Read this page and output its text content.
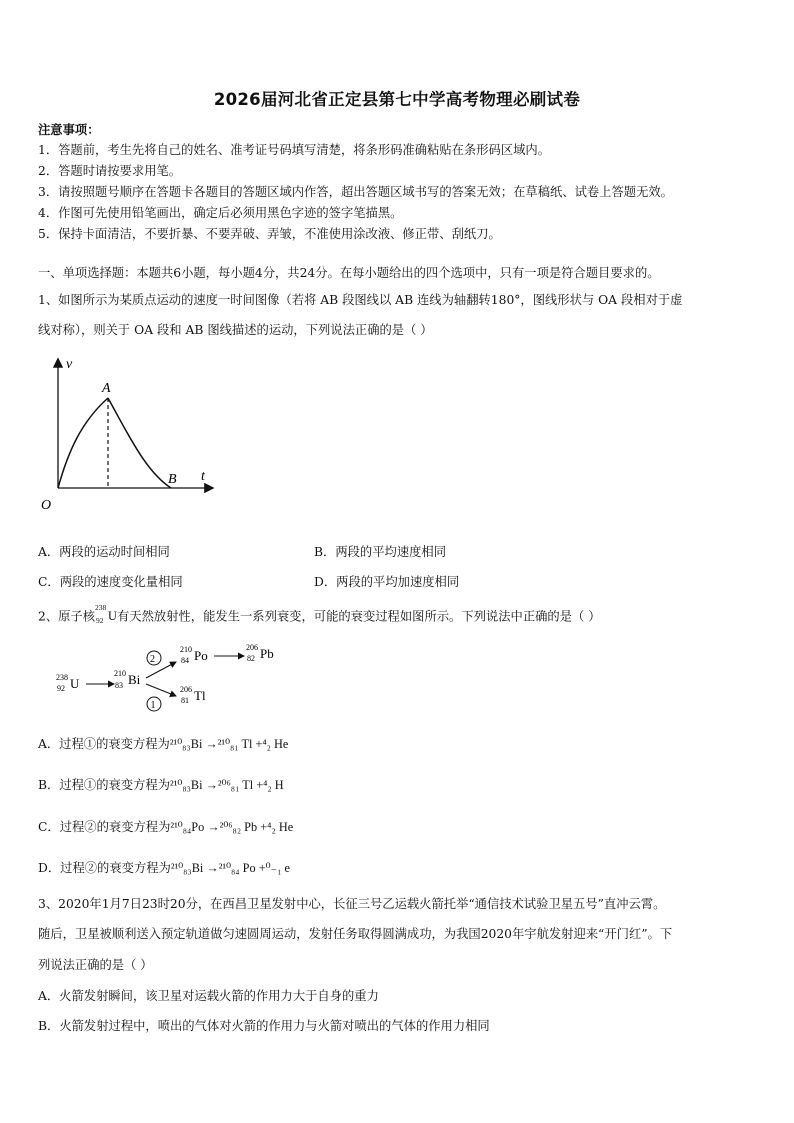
2026届河北省正定县第七中学高考物理必刷试卷
注意事项：
1．答题前，考生先将自己的姓名、准考证号码填写清楚，将条形码准确粘贴在条形码区域内。
2．答题时请按要求用笔。
3．请按照题号顺序在答题卡各题目的答题区域内作答，超出答题区域书写的答案无效；在草稿纸、试卷上答题无效。
4．作图可先使用铅笔画出，确定后必须用黑色字迹的签字笔描黑。
5．保持卡面清洁，不要折暴、不要弄破、弄皱，不准使用涂改液、修正带、刮纸刀。
一、单项选择题：本题共6小题，每小题4分，共24分。在每小题给出的四个选项中，只有一项是符合题目要求的。
1、如图所示为某质点运动的速度一时间图像（若将 AB 段图线以 AB 连线为轴翻转180°，图线形状与 OA 段相对于虚
线对称），则关于 OA 段和 AB 图线描述的运动，下列说法正确的是（ ）
v
t
O
A
B
A．两段的运动时间相同	B．两段的平均速度相同
C．两段的速度变化量相同	D．两段的平均加速度相同
2、原子核
238
92 U 有天然放射性，能发生一系列衰变，可能的衰变过程如图所示。下列说法中正确的是（ ）
238
92 U
210
83 Bi
2
1
210
84 Po
206
82 Pb
206
81 Tl
A．过程①的衰变方程为²¹⁰₈₃Bi →²¹⁰₈₁ Tl +⁴₂ He
B．过程①的衰变方程为²¹⁰₈₃Bi →²⁰⁶₈₁ Tl +⁴₂ H
C．过程②的衰变方程为²¹⁰₈₄Po →²⁰⁶₈₂ Pb +⁴₂ He
D．过程②的衰变方程为²¹⁰₈₃Bi →²¹⁰₈₄ Po +⁰₋₁ e
3、2020年1月7日23时20分，在西昌卫星发射中心，长征三号乙运载火箭托举“通信技术试验卫星五号”直冲云霄。
随后，卫星被顺利送入预定轨道做匀速圆周运动，发射任务取得圆满成功，为我国2020年宇航发射迎来“开门红”。下
列说法正确的是（ ）
A．火箭发射瞬间，该卫星对运载火箭的作用力大于自身的重力
B．火箭发射过程中，喷出的气体对火箭的作用力与火箭对喷出的气体的作用力相同
